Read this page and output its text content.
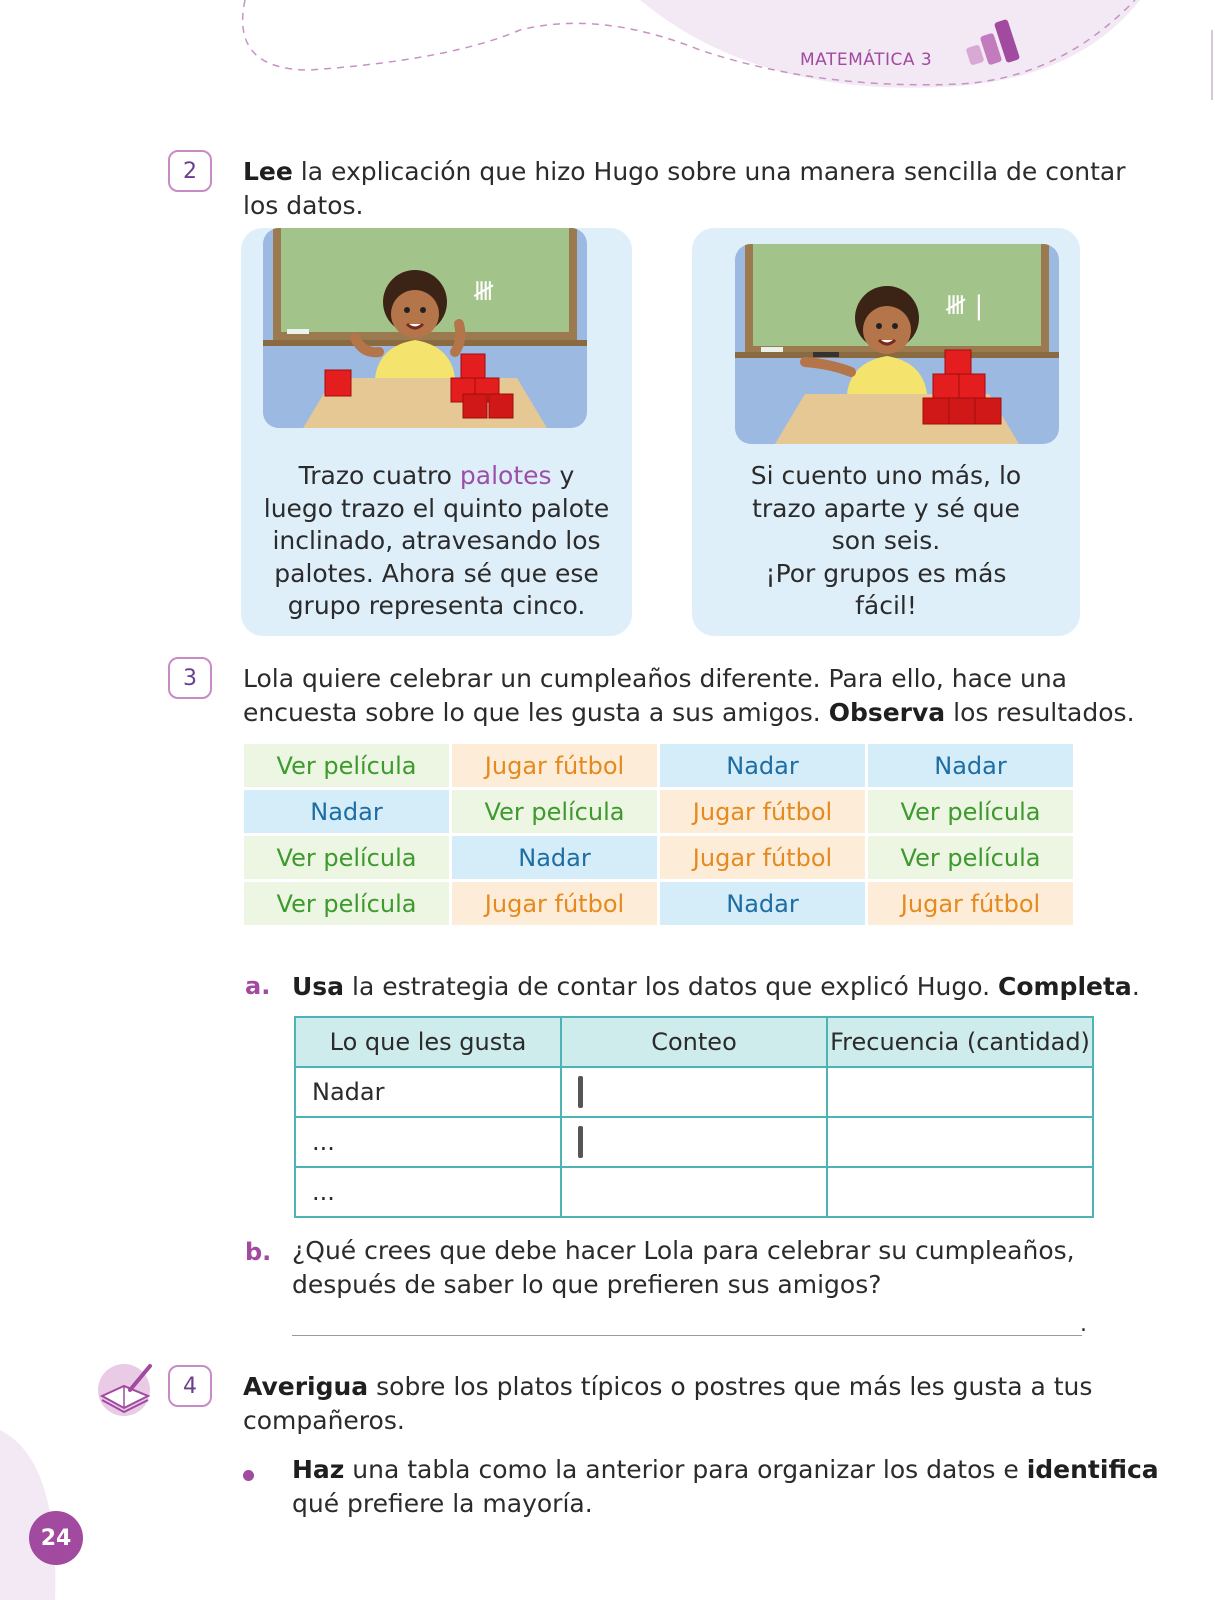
MATEMÁTICA 3
2	Lee la explicación que hizo Hugo sobre una manera sencilla de contar
los datos.
𝍸
Trazo cuatro palotes y
luego trazo el quinto palote
inclinado, atravesando los
palotes. Ahora sé que ese
grupo representa cinco.
𝍸 |
Si cuento uno más, lo
trazo aparte y sé que
son seis.
¡Por grupos es más
fácil!
3	Lola quiere celebrar un cumpleaños diferente. Para ello, hace una
encuesta sobre lo que les gusta a sus amigos. Observa los resultados.
Ver película	Jugar fútbol	Nadar	Nadar
Nadar	Ver película	Jugar fútbol	Ver película
Ver película	Nadar	Jugar fútbol	Ver película
Ver película	Jugar fútbol	Nadar	Jugar fútbol
a. Usa la estrategia de contar los datos que explicó Hugo. Completa.
Lo que les gusta	Conteo	Frecuencia (cantidad)
Nadar		
...		
...		
b. ¿Qué crees que debe hacer Lola para celebrar su cumpleaños,
después de saber lo que prefieren sus amigos?
.
4	Averigua sobre los platos típicos o postres que más les gusta a tus
compañeros.
Haz una tabla como la anterior para organizar los datos e identifica
qué prefiere la mayoría.
24
